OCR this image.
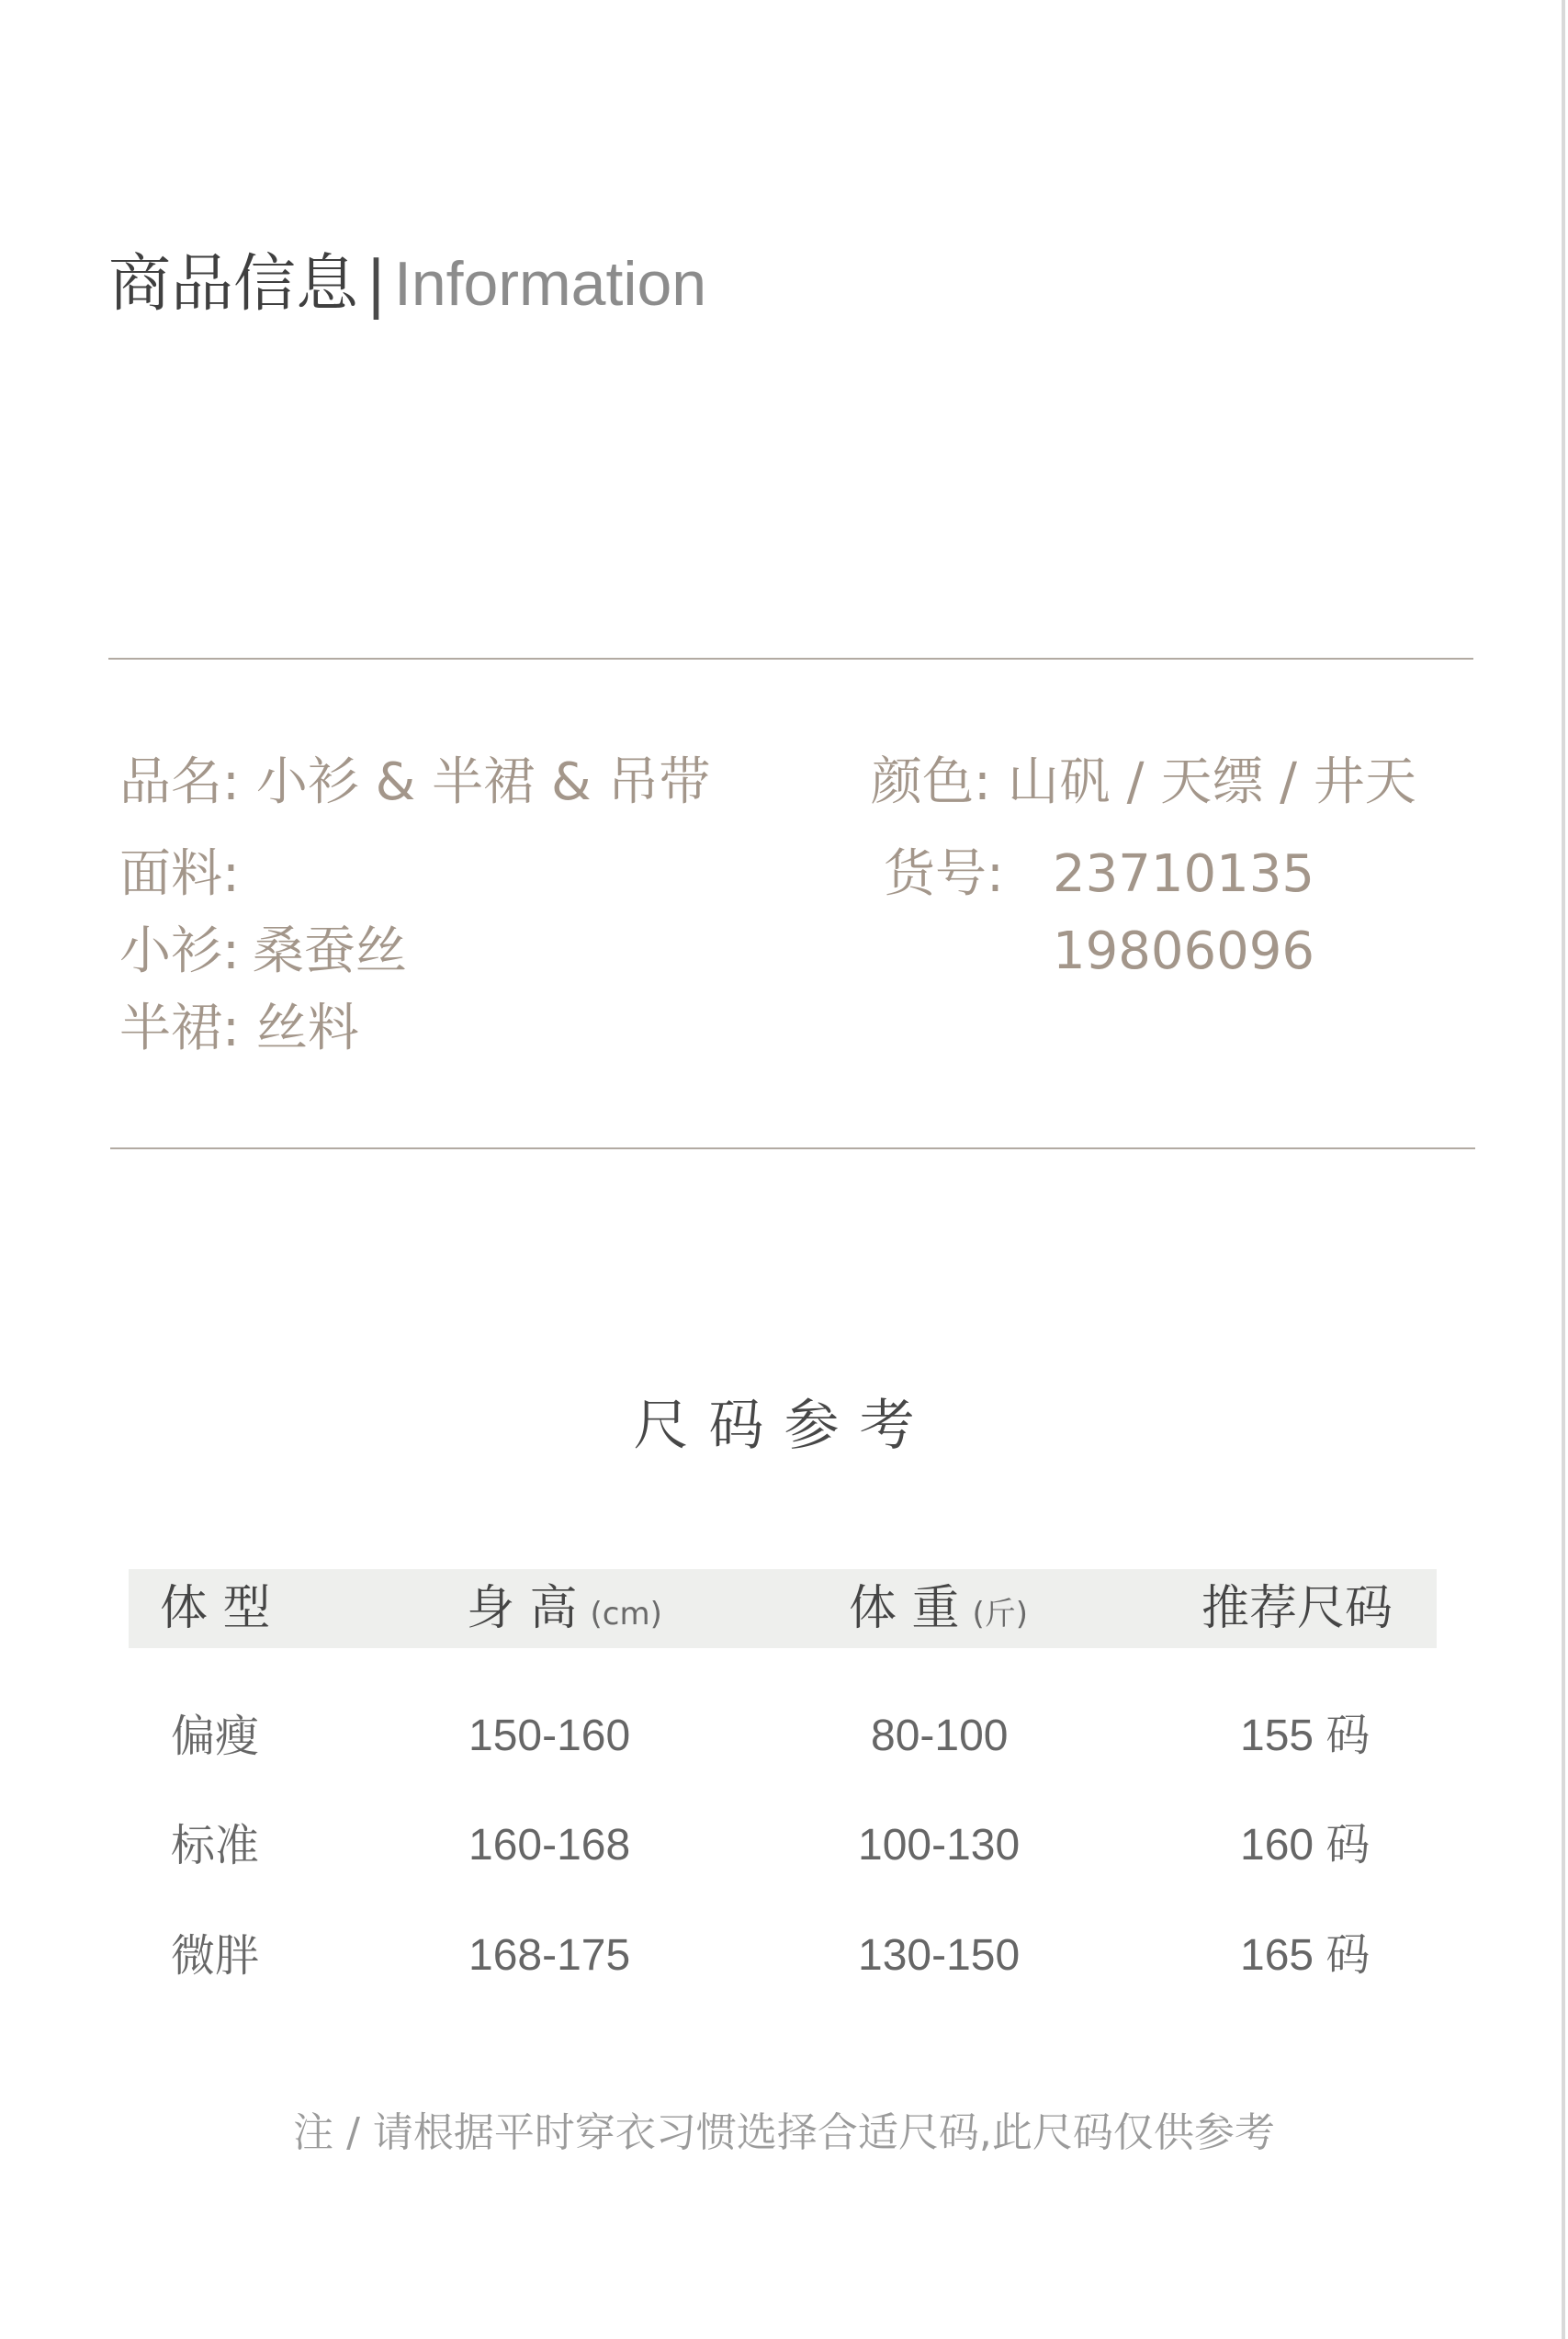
商品信息 | Information
品名: 小衫 & 半裙 & 吊带
面料:
小衫: 桑蚕丝
半裙: 丝料
颜色: 山矾 / 天缥 / 井天
货号: 23710135
19806096
尺码参考
体 型	身 高 (cm)	体 重 (斤)	推荐尺码
偏瘦	150-160	80-100	155 码
标准	160-168	100-130	160 码
微胖	168-175	130-150	165 码
注 / 请根据平时穿衣习惯选择合适尺码,此尺码仅供参考
